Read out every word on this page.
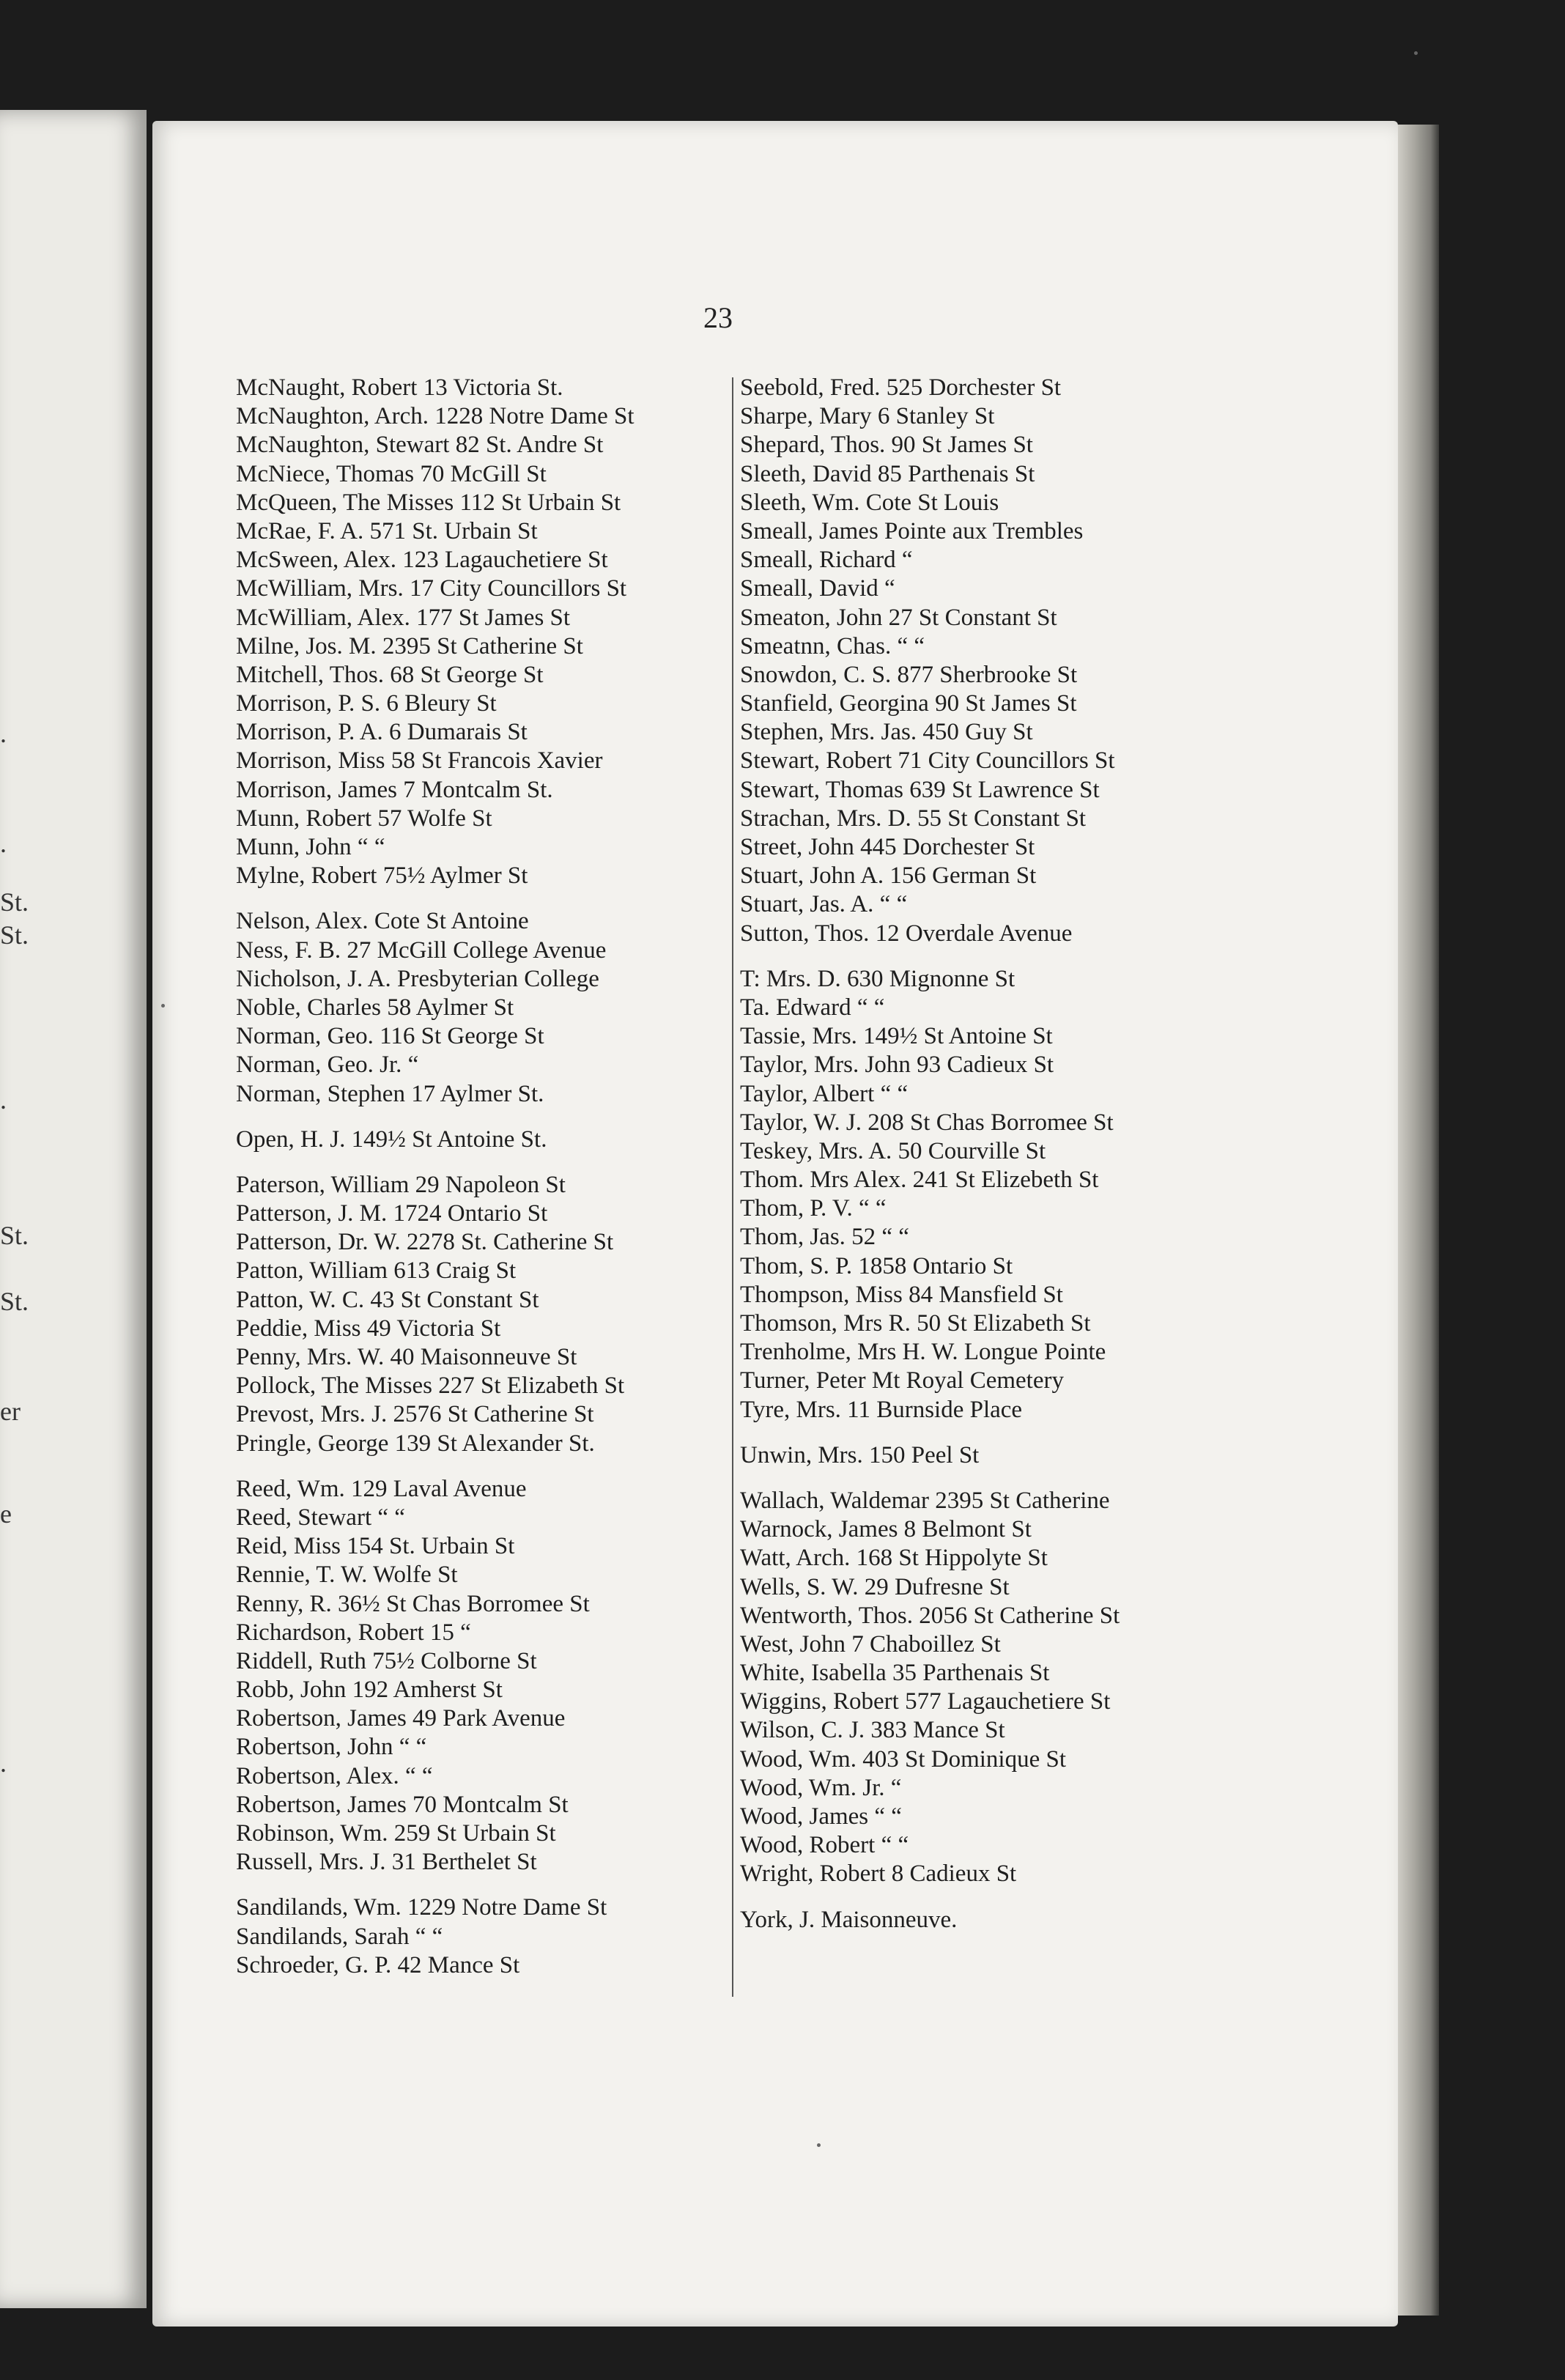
.
.
St.
St.
.
St.
St.
er
e
.
23
McNaught, Robert 13 Victoria St.
McNaughton, Arch. 1228 Notre Dame St
McNaughton, Stewart 82 St. Andre St
McNiece, Thomas 70 McGill St
McQueen, The Misses 112 St Urbain St
McRae, F. A. 571 St. Urbain St
McSween, Alex. 123 Lagauchetiere St
McWilliam, Mrs. 17 City Councillors St
McWilliam, Alex. 177 St James St
Milne, Jos. M. 2395 St Catherine St
Mitchell, Thos. 68 St George St
Morrison, P. S. 6 Bleury St
Morrison, P. A. 6 Dumarais St
Morrison, Miss 58 St Francois Xavier
Morrison, James 7 Montcalm St.
Munn, Robert 57 Wolfe St
Munn, John “ “
Mylne, Robert 75½ Aylmer St
Nelson, Alex. Cote St Antoine
Ness, F. B. 27 McGill College Avenue
Nicholson, J. A. Presbyterian College
Noble, Charles 58 Aylmer St
Norman, Geo. 116 St George St
Norman, Geo. Jr. “
Norman, Stephen 17 Aylmer St.
Open, H. J. 149½ St Antoine St.
Paterson, William 29 Napoleon St
Patterson, J. M. 1724 Ontario St
Patterson, Dr. W. 2278 St. Catherine St
Patton, William 613 Craig St
Patton, W. C. 43 St Constant St
Peddie, Miss 49 Victoria St
Penny, Mrs. W. 40 Maisonneuve St
Pollock, The Misses 227 St Elizabeth St
Prevost, Mrs. J. 2576 St Catherine St
Pringle, George 139 St Alexander St.
Reed, Wm. 129 Laval Avenue
Reed, Stewart “ “
Reid, Miss 154 St. Urbain St
Rennie, T. W. Wolfe St
Renny, R. 36½ St Chas Borromee St
Richardson, Robert 15 “
Riddell, Ruth 75½ Colborne St
Robb, John 192 Amherst St
Robertson, James 49 Park Avenue
Robertson, John “ “
Robertson, Alex. “ “
Robertson, James 70 Montcalm St
Robinson, Wm. 259 St Urbain St
Russell, Mrs. J. 31 Berthelet St
Sandilands, Wm. 1229 Notre Dame St
Sandilands, Sarah “ “
Schroeder, G. P. 42 Mance St
Seebold, Fred. 525 Dorchester St
Sharpe, Mary 6 Stanley St
Shepard, Thos. 90 St James St
Sleeth, David 85 Parthenais St
Sleeth, Wm. Cote St Louis
Smeall, James Pointe aux Trembles
Smeall, Richard “
Smeall, David “
Smeaton, John 27 St Constant St
Smeatnn, Chas. “ “
Snowdon, C. S. 877 Sherbrooke St
Stanfield, Georgina 90 St James St
Stephen, Mrs. Jas. 450 Guy St
Stewart, Robert 71 City Councillors St
Stewart, Thomas 639 St Lawrence St
Strachan, Mrs. D. 55 St Constant St
Street, John 445 Dorchester St
Stuart, John A. 156 German St
Stuart, Jas. A. “ “
Sutton, Thos. 12 Overdale Avenue
T: Mrs. D. 630 Mignonne St
Ta. Edward “ “
Tassie, Mrs. 149½ St Antoine St
Taylor, Mrs. John 93 Cadieux St
Taylor, Albert “ “
Taylor, W. J. 208 St Chas Borromee St
Teskey, Mrs. A. 50 Courville St
Thom. Mrs Alex. 241 St Elizebeth St
Thom, P. V. “ “
Thom, Jas. 52 “ “
Thom, S. P. 1858 Ontario St
Thompson, Miss 84 Mansfield St
Thomson, Mrs R. 50 St Elizabeth St
Trenholme, Mrs H. W. Longue Pointe
Turner, Peter Mt Royal Cemetery
Tyre, Mrs. 11 Burnside Place
Unwin, Mrs. 150 Peel St
Wallach, Waldemar 2395 St Catherine
Warnock, James 8 Belmont St
Watt, Arch. 168 St Hippolyte St
Wells, S. W. 29 Dufresne St
Wentworth, Thos. 2056 St Catherine St
West, John 7 Chaboillez St
White, Isabella 35 Parthenais St
Wiggins, Robert 577 Lagauchetiere St
Wilson, C. J. 383 Mance St
Wood, Wm. 403 St Dominique St
Wood, Wm. Jr. “
Wood, James “ “
Wood, Robert “ “
Wright, Robert 8 Cadieux St
York, J. Maisonneuve.
